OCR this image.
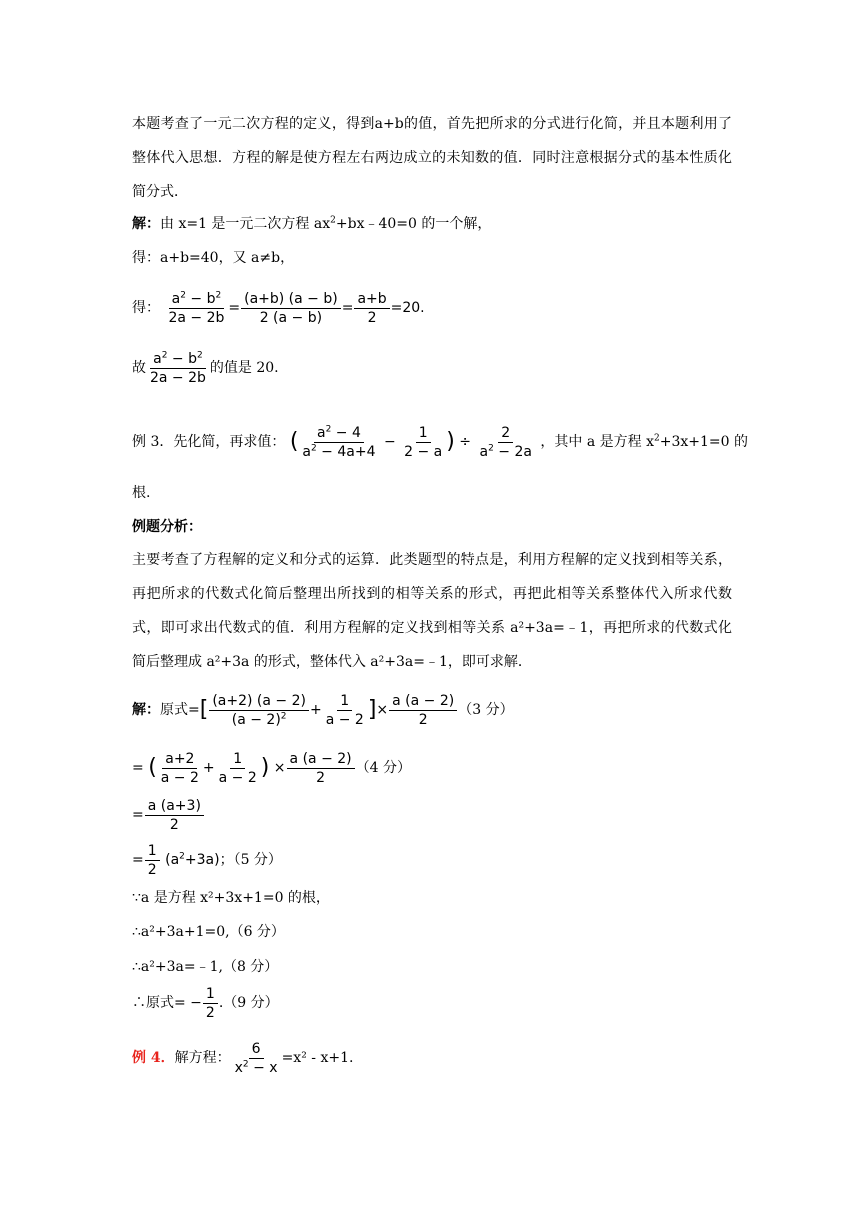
本题考查了一元二次方程的定义，得到a+b的值，首先把所求的分式进行化简，并且本题利用了整体代入思想．方程的解是使方程左右两边成立的未知数的值．同时注意根据分式的基本性质化简分式．
解：由 x=1 是一元二次方程 $ax^2+bx﹣40=0$ 的一个解，
得：a+b=40，又 a≠b，
得： $\frac{a^2 - b^2}{2a - 2b} = \frac{(a+b) (a - b)}{2 (a - b)} = \frac{a+b}{2} =20$.
故 $\frac{a^2 - b^2}{2a - 2b}$ 的值是 20.
例 3．先化简，再求值： ( $\frac{a^2 - 4}{a^2 - 4a+4} - \frac{1}{2 - a}$ ) ÷ $\frac{2}{a^2 - 2a}$ ，其中 a 是方程 $x^2+3x+1=0$ 的
根.
例题分析：
主要考查了方程解的定义和分式的运算．此类题型的特点是，利用方程解的定义找到相等关系，再把所求的代数式化简后整理出所找到的相等关系的形式，再把此相等关系整体代入所求代数式，即可求出代数式的值．利用方程解的定义找到相等关系 a²+3a=﹣1，再把所求的代数式化简后整理成 a²+3a 的形式，整体代入 a²+3a=﹣1，即可求解．
解：原式=[ $\frac{(a+2) (a - 2)}{(a - 2)^2} + \frac{1}{a - 2}$ ]× $\frac{a (a - 2)}{2} (3$ 分）
= ( $\frac{a+2}{a - 2} + \frac{1}{a - 2}$ ) × $\frac{a (a - 2)}{2} (4$ 分）
= $\frac{a (a+3)}{2}$
= $\frac{1}{2} (a^2+3a)$；（5 分）
∵a 是方程 x²+3x+1=0 的根，
∴a²+3a+1=0,（6 分）
∴a²+3a=﹣1,（8 分）
∴原式= − $\frac{1}{2} .(9$ 分）
例 4．解方程： $\frac{6}{x^2 - x} =x^2$ ‐ x+1.
